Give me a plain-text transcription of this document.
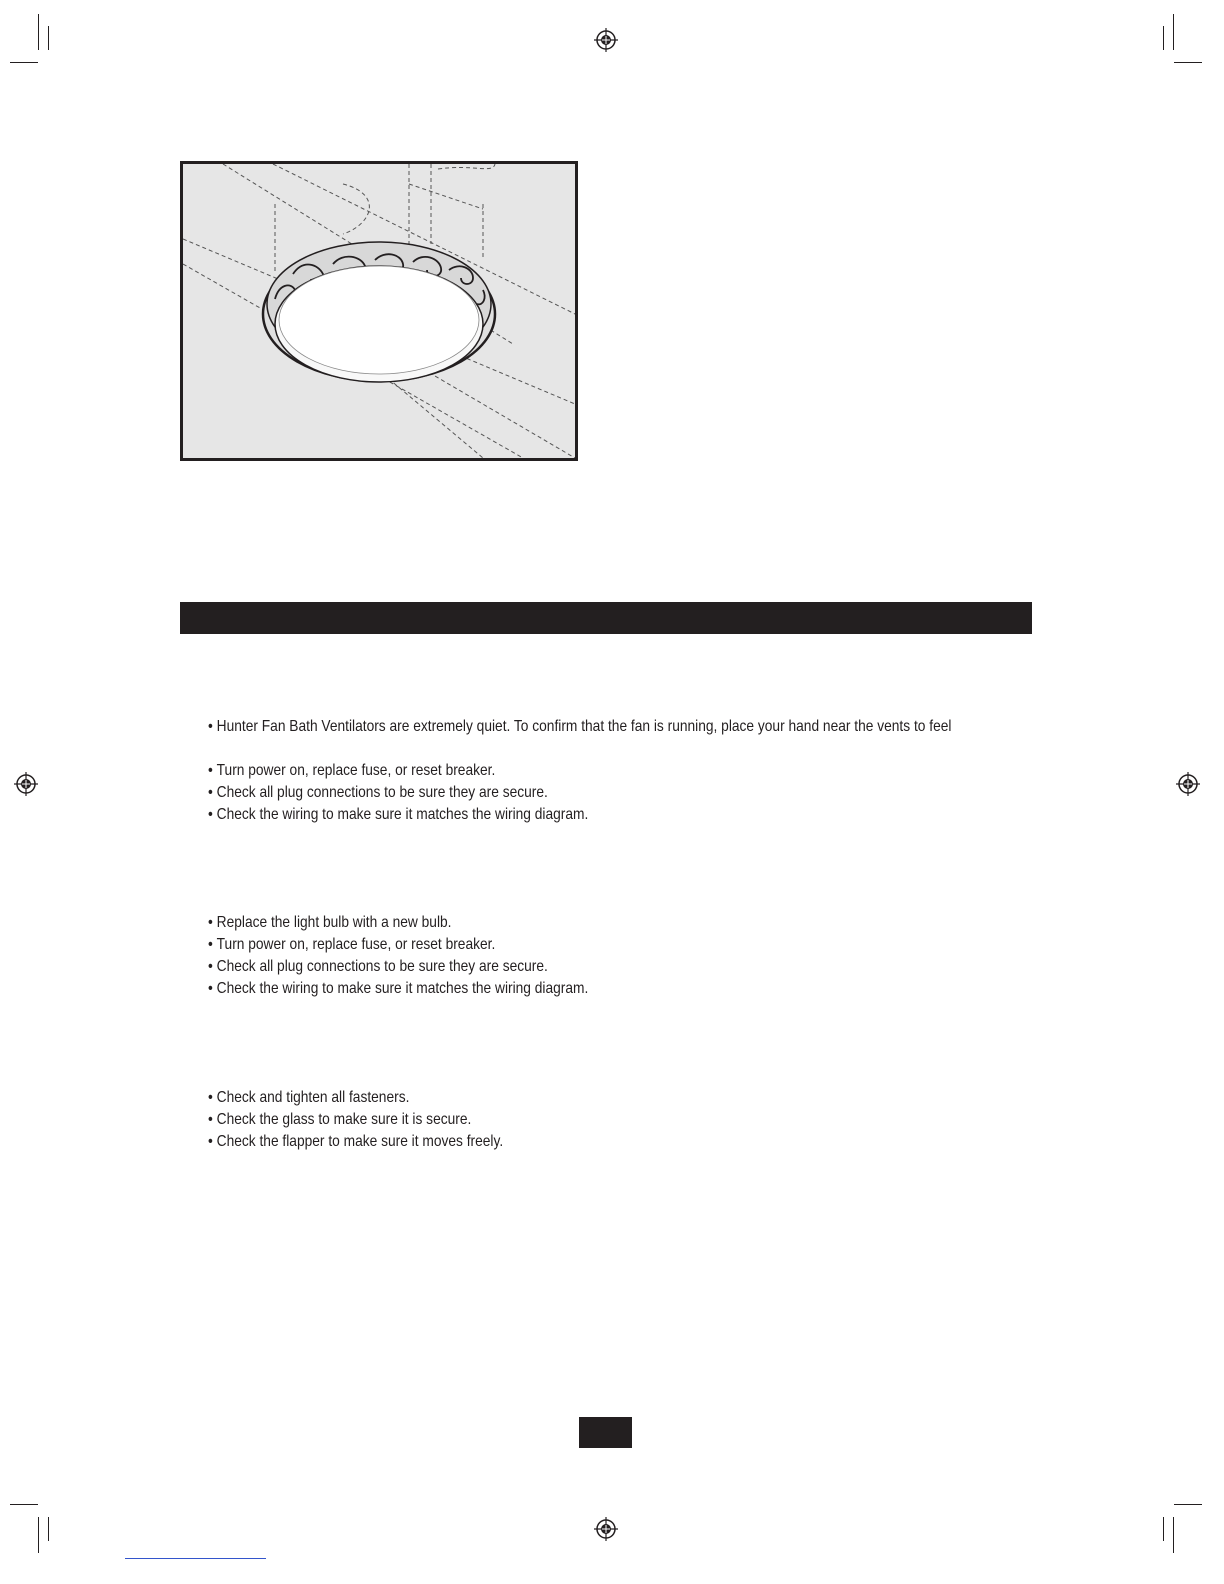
• Hunter Fan Bath Ventilators are extremely quiet. To confirm that the fan is running, place your hand near the vents to feel
• Turn power on, replace fuse, or reset breaker.
• Check all plug connections to be sure they are secure.
• Check the wiring to make sure it matches the wiring diagram.
• Replace the light bulb with a new bulb.
• Turn power on, replace fuse, or reset breaker.
• Check all plug connections to be sure they are secure.
• Check the wiring to make sure it matches the wiring diagram.
• Check and tighten all fasteners.
• Check the glass to make sure it is secure.
• Check the flapper to make sure it moves freely.
